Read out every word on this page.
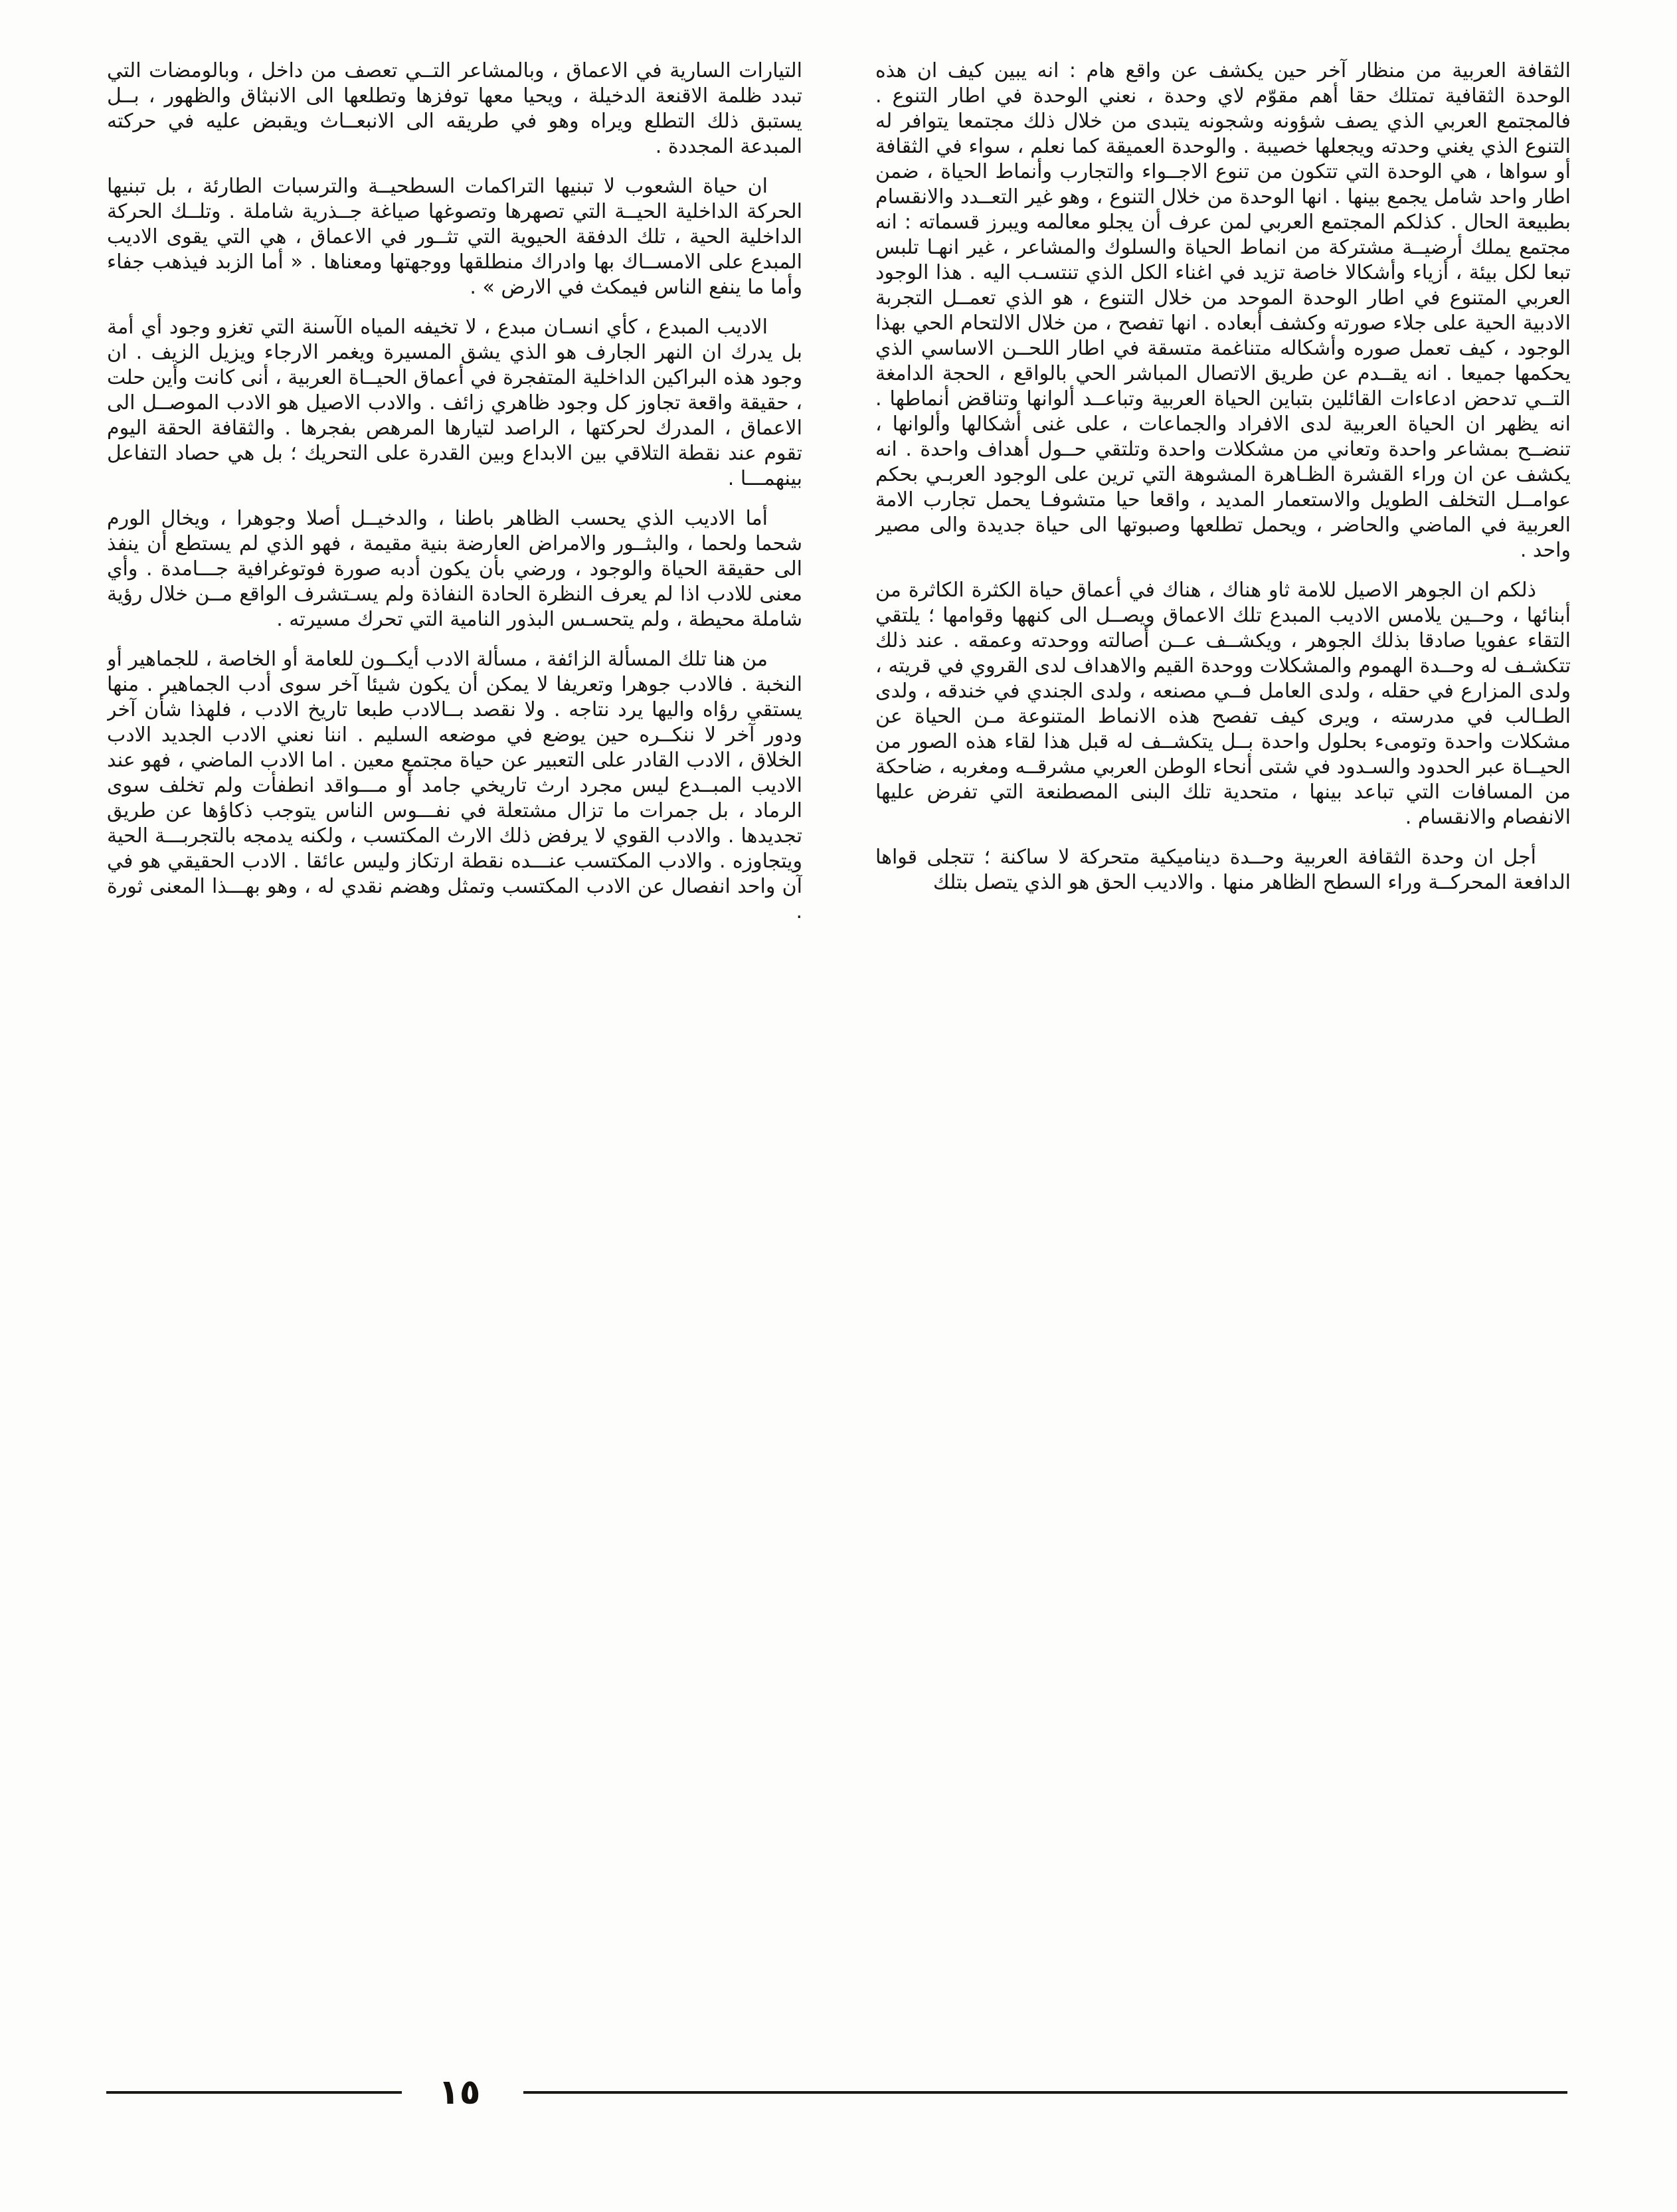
الثقافة العربية من منظار آخر حين يكشف عن واقع هام : انه يبين كيف ان هذه الوحدة الثقافية تمتلك حقا أهم مقوّم لاي وحدة ، نعني الوحدة في اطار التنوع . فالمجتمع العربي الذي يصف شؤونه وشجونه يتبدى من خلال ذلك مجتمعا يتوافر له التنوع الذي يغني وحدته ويجعلها خصيبة . والوحدة العميقة كما نعلم ، سواء في الثقافة أو سواها ، هي الوحدة التي تتكون من تنوع الاجــواء والتجارب وأنماط الحياة ، ضمن اطار واحد شامل يجمع بينها . انها الوحدة من خلال التنوع ، وهو غير التعــدد والانقسام بطبيعة الحال . كذلكم المجتمع العربي لمن عرف أن يجلو معالمه ويبرز قسماته : انه مجتمع يملك أرضيــة مشتركة من انماط الحياة والسلوك والمشاعر ، غير انهـا تلبس تبعا لكل بيئة ، أزياء وأشكالا خاصة تزيد في اغناء الكل الذي تنتسـب اليه . هذا الوجود العربي المتنوع في اطار الوحدة الموحد من خلال التنوع ، هو الذي تعمــل التجربة الادبية الحية على جلاء صورته وكشف أبعاده . انها تفصح ، من خلال الالتحام الحي بهذا الوجود ، كيف تعمل صوره وأشكاله متناغمة متسقة في اطار اللحــن الاساسي الذي يحكمها جميعا . انه يقــدم عن طريق الاتصال المباشر الحي بالواقع ، الحجة الدامغة التــي تدحض ادعاءات القائلين بتباين الحياة العربية وتباعــد ألوانها وتناقض أنماطها . انه يظهر ان الحياة العربية لدى الافراد والجماعات ، على غنى أشكالها وألوانها ، تنضــح بمشاعر واحدة وتعاني من مشكلات واحدة وتلتقي حــول أهداف واحدة . انه يكشف عن ان وراء القشرة الظـاهرة المشوهة التي ترين على الوجود العربـي بحكم عوامــل التخلف الطويل والاستعمار المديد ، واقعا حيا متشوفـا يحمل تجارب الامة العربية في الماضي والحاضر ، ويحمل تطلعها وصبوتها الى حياة جديدة والى مصير واحد .

ذلكم ان الجوهر الاصيل للامة ثاو هناك ، هناك في أعماق حياة الكثرة الكاثرة من أبنائها ، وحــين يلامس الاديب المبدع تلك الاعماق ويصــل الى كنهها وقوامها ؛ يلتقي التقاء عفويا صادقا بذلك الجوهر ، ويكشــف عــن أصالته ووحدته وعمقه . عند ذلك تتكشـف له وحــدة الهموم والمشكلات ووحدة القيم والاهداف لدى القروي في قريته ، ولدى المزارع في حقله ، ولدى العامل فــي مصنعه ، ولدى الجندي في خندقه ، ولدى الطـالب في مدرسته ، ويرى كيف تفصح هذه الانماط المتنوعة مـن الحياة عن مشكلات واحدة وتومىء بحلول واحدة بــل يتكشــف له قبل هذا لقاء هذه الصور من الحيــاة عبر الحدود والسـدود في شتى أنحاء الوطن العربي مشرقــه ومغربه ، ضاحكة من المسافات التي تباعد بينها ، متحدية تلك البنى المصطنعة التي تفرض عليها الانفصام والانقسام .

أجل ان وحدة الثقافة العربية وحــدة ديناميكية متحركة لا ساكنة ؛ تتجلى قواها الدافعة المحركــة وراء السطح الظاهر منها . والاديب الحق هو الذي يتصل بتلك

التيارات السارية في الاعماق ، وبالمشاعر التــي تعصف من داخل ، وبالومضات التي تبدد ظلمة الاقنعة الدخيلة ، ويحيا معها توفزها وتطلعها الى الانبثاق والظهور ، بــل يستبق ذلك التطلع ويراه وهو في طريقه الى الانبعــاث ويقبض عليه في حركته المبدعة المجددة .

ان حياة الشعوب لا تبنيها التراكمات السطحيــة والترسبات الطارئة ، بل تبنيها الحركة الداخلية الحيــة التي تصهرها وتصوغها صياغة جــذرية شاملة . وتلــك الحركة الداخلية الحية ، تلك الدفقة الحيوية التي تثــور في الاعماق ، هي التي يقوى الاديب المبدع على الامســاك بها وادراك منطلقها ووجهتها ومعناها . « أما الزبد فيذهب جفاء وأما ما ينفع الناس فيمكث في الارض » .

الاديب المبدع ، كأي انسـان مبدع ، لا تخيفه المياه الآسنة التي تغزو وجود أي أمة بل يدرك ان النهر الجارف هو الذي يشق المسيرة ويغمر الارجاء ويزيل الزيف . ان وجود هذه البراكين الداخلية المتفجرة في أعماق الحيــاة العربية ، أنى كانت وأين حلت ، حقيقة واقعة تجاوز كل وجود ظاهري زائف . والادب الاصيل هو الادب الموصــل الى الاعماق ، المدرك لحركتها ، الراصد لتيارها المرهص بفجرها . والثقافة الحقة اليوم تقوم عند نقطة التلاقي بين الابداع وبين القدرة على التحريك ؛ بل هي حصاد التفاعل بينهمـــا .

أما الاديب الذي يحسب الظاهر باطنا ، والدخيــل أصلا وجوهرا ، ويخال الورم شحما ولحما ، والبثــور والامراض العارضة بنية مقيمة ، فهو الذي لم يستطع أن ينفذ الى حقيقة الحياة والوجود ، ورضي بأن يكون أدبه صورة فوتوغرافية جـــامدة . وأي معنى للادب اذا لم يعرف النظرة الحادة النفاذة ولم يسـتشرف الواقع مــن خلال رؤية شاملة محيطة ، ولم يتحسـس البذور النامية التي تحرك مسيرته .

من هنا تلك المسألة الزائفة ، مسألة الادب أيكــون للعامة أو الخاصة ، للجماهير أو النخبة . فالادب جوهرا وتعريفا لا يمكن أن يكون شيئا آخر سوى أدب الجماهير . منها يستقي رؤاه واليها يرد نتاجه . ولا نقصد بــالادب طبعا تاريخ الادب ، فلهذا شأن آخر ودور آخر لا ننكــره حين يوضع في موضعه السليم . اننا نعني الادب الجديد الادب الخلاق ، الادب القادر على التعبير عن حياة مجتمع معين . اما الادب الماضي ، فهو عند الاديب المبــدع ليس مجرد ارث تاريخي جامد أو مـــواقد انطفأت ولم تخلف سوى الرماد ، بل جمرات ما تزال مشتعلة في نفـــوس الناس يتوجب ذكاؤها عن طريق تجديدها . والادب القوي لا يرفض ذلك الارث المكتسب ، ولكنه يدمجه بالتجربـــة الحية ويتجاوزه . والادب المكتسب عنـــده نقطة ارتكاز وليس عائقا . الادب الحقيقي هو في آن واحد انفصال عن الادب المكتسب وتمثل وهضم نقدي له ، وهو بهـــذا المعنى ثورة .

١٥
